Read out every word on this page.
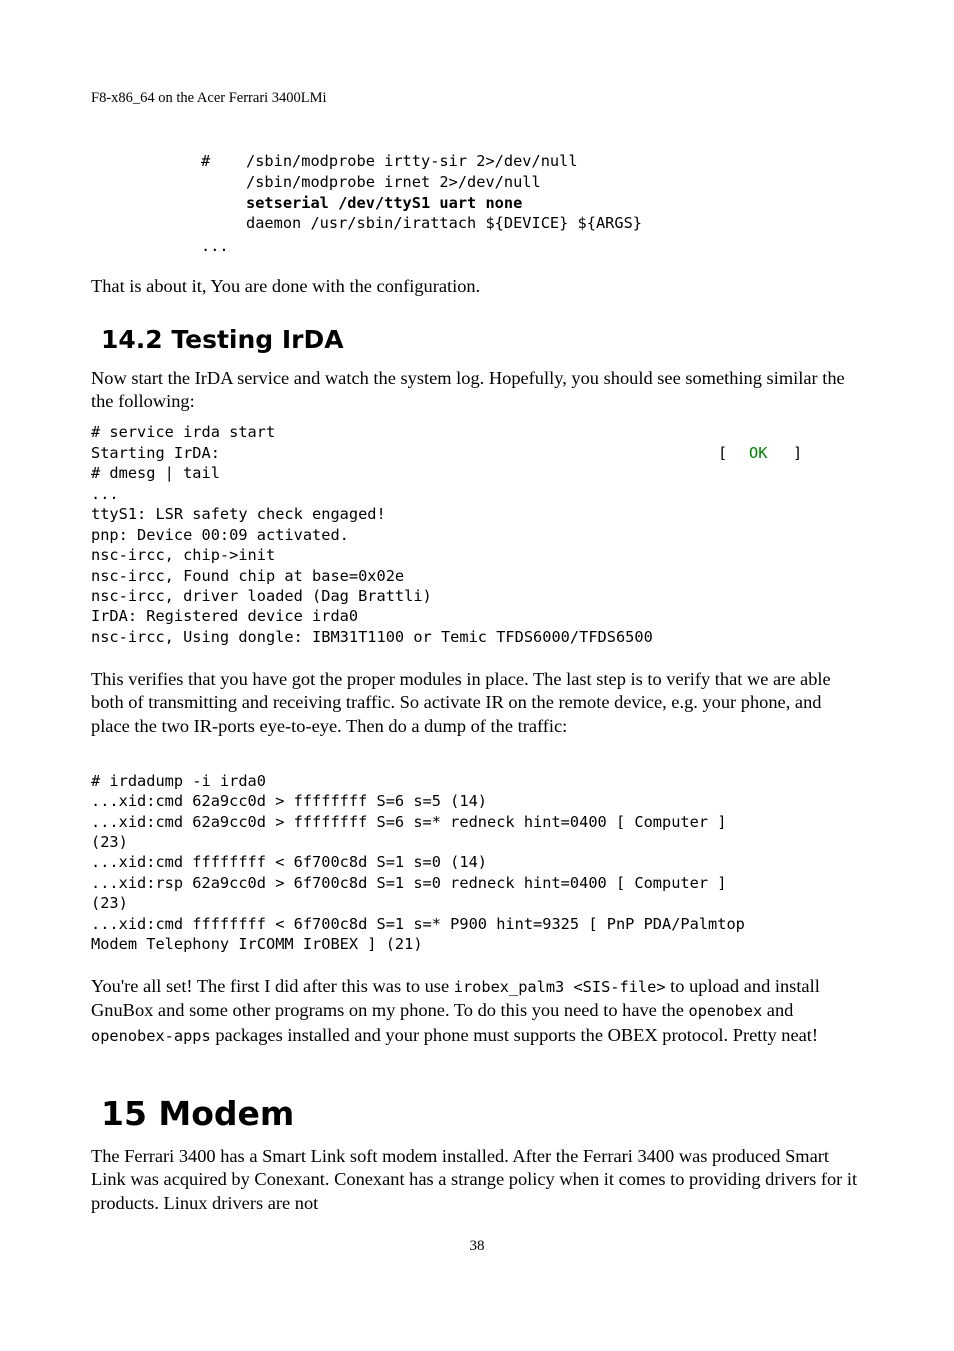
F8-x86_64 on the Acer Ferrari 3400LMi
# /sbin/modprobe irtty-sir 2>/dev/null
/sbin/modprobe irnet 2>/dev/null
setserial /dev/ttyS1 uart none
daemon /usr/sbin/irattach ${DEVICE} ${ARGS}
...
That is about it, You are done with the configuration.
14.2 Testing IrDA
Now start the IrDA service and watch the system log. Hopefully, you should see something similar the the following:
# service irda start
Starting IrDA:	[ OK ]
# dmesg | tail
...
ttyS1: LSR safety check engaged!
pnp: Device 00:09 activated.
nsc-ircc, chip->init
nsc-ircc, Found chip at base=0x02e
nsc-ircc, driver loaded (Dag Brattli)
IrDA: Registered device irda0
nsc-ircc, Using dongle: IBM31T1100 or Temic TFDS6000/TFDS6500
This verifies that you have got the proper modules in place. The last step is to verify that we are able both of transmitting and receiving traffic. So activate IR on the remote device, e.g. your phone, and place the two IR-ports eye-to-eye. Then do a dump of the traffic:
# irdadump -i irda0
...xid:cmd 62a9cc0d > ffffffff S=6 s=5 (14)
...xid:cmd 62a9cc0d > ffffffff S=6 s=* redneck hint=0400 [ Computer ]
(23)
...xid:cmd ffffffff < 6f700c8d S=1 s=0 (14)
...xid:rsp 62a9cc0d > 6f700c8d S=1 s=0 redneck hint=0400 [ Computer ]
(23)
...xid:cmd ffffffff < 6f700c8d S=1 s=* P900 hint=9325 [ PnP PDA/Palmtop
Modem Telephony IrCOMM IrOBEX ] (21)
You're all set! The first I did after this was to use irobex_palm3 <SIS-file> to upload and install GnuBox and some other programs on my phone. To do this you need to have the openobex and openobex-apps packages installed and your phone must supports the OBEX protocol. Pretty neat!
15 Modem
The Ferrari 3400 has a Smart Link soft modem installed. After the Ferrari 3400 was produced Smart Link was acquired by Conexant. Conexant has a strange policy when it comes to providing drivers for it products. Linux drivers are not
38
